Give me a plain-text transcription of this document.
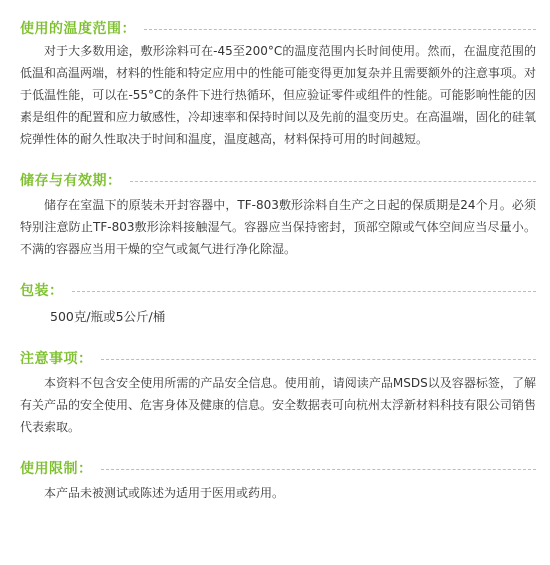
使用的温度范围：

对于大多数用途，敷形涂料可在-45至200°C的温度范围内长时间使用。然而，在温度范围的低温和高温两端，材料的性能和特定应用中的性能可能变得更加复杂并且需要额外的注意事项。对于低温性能，可以在-55°C的条件下进行热循环，但应验证零件或组件的性能。可能影响性能的因素是组件的配置和应力敏感性，冷却速率和保持时间以及先前的温变历史。在高温端，固化的硅氧烷弹性体的耐久性取决于时间和温度，温度越高，材料保持可用的时间越短。

储存与有效期：

储存在室温下的原装未开封容器中，TF-803敷形涂料自生产之日起的保质期是24个月。必须特别注意防止TF-803敷形涂料接触湿气。容器应当保持密封，顶部空隙或气体空间应当尽量小。不满的容器应当用干燥的空气或氮气进行净化除湿。

包装：

500克/瓶或5公斤/桶

注意事项：

本资料不包含安全使用所需的产品安全信息。使用前，请阅读产品MSDS以及容器标签，了解有关产品的安全使用、危害身体及健康的信息。安全数据表可向杭州太浮新材料科技有限公司销售代表索取。

使用限制：

本产品未被测试或陈述为适用于医用或药用。
